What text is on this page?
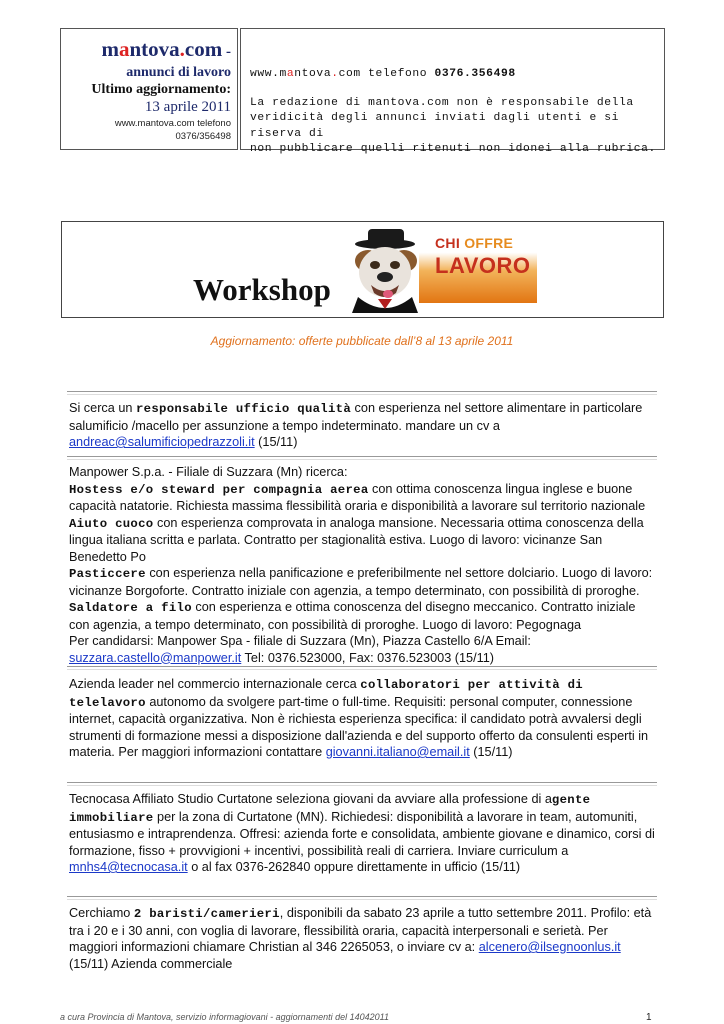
mantova.com -
annunci di lavoro
Ultimo aggiornamento:
13 aprile 2011
www.mantova.com telefono
0376/356498
www.mantova.com telefono 0376.356498
La redazione di mantova.com non è responsabile della
veridicità degli annunci inviati dagli utenti e si riserva di
non pubblicare quelli ritenuti non idonei alla rubrica.
Workshop
CHI OFFRE
LAVORO
Aggiornamento: offerte pubblicate dall’8 al 13 aprile 2011
Si cerca un responsabile ufficio qualità con esperienza nel settore alimentare in particolare salumificio /macello per assunzione a tempo indeterminato. mandare un cv a andreac@salumificiopedrazzoli.it (15/11)
Manpower S.p.a. - Filiale di Suzzara (Mn) ricerca:
Hostess e/o steward per compagnia aerea con ottima conoscenza lingua inglese e buone capacità natatorie. Richiesta massima flessibilità oraria e disponibilità a lavorare sul territorio nazionale
Aiuto cuoco con esperienza comprovata in analoga mansione. Necessaria ottima conoscenza della lingua italiana scritta e parlata. Contratto per stagionalità estiva. Luogo di lavoro: vicinanze San Benedetto Po
Pasticcere con esperienza nella panificazione e preferibilmente nel settore dolciario. Luogo di lavoro: vicinanze Borgoforte. Contratto iniziale con agenzia, a tempo determinato, con possibilità di proroghe.
Saldatore a filo con esperienza e ottima conoscenza del disegno meccanico. Contratto iniziale con agenzia, a tempo determinato, con possibilità di proroghe. Luogo di lavoro: Pegognaga
Per candidarsi: Manpower Spa - filiale di Suzzara (Mn), Piazza Castello 6/A Email: suzzara.castello@manpower.it Tel: 0376.523000, Fax: 0376.523003 (15/11)
Azienda leader nel commercio internazionale cerca collaboratori per attività di telelavoro autonomo da svolgere part-time o full-time. Requisiti: personal computer, connessione internet, capacità organizzativa. Non è richiesta esperienza specifica: il candidato potrà avvalersi degli strumenti di formazione messi a disposizione dall'azienda e del supporto offerto da consulenti esperti in materia. Per maggiori informazioni contattare giovanni.italiano@email.it (15/11)
Tecnocasa Affiliato Studio Curtatone seleziona giovani da avviare alla professione di agente immobiliare per la zona di Curtatone (MN). Richiedesi: disponibilità a lavorare in team, automuniti, entusiasmo e intraprendenza. Offresi: azienda forte e consolidata, ambiente giovane e dinamico, corsi di formazione, fisso + provvigioni + incentivi, possibilità reali di carriera. Inviare curriculum a mnhs4@tecnocasa.it o al fax 0376-262840 oppure direttamente in ufficio (15/11)
Cerchiamo 2 baristi/camerieri, disponibili da sabato 23 aprile a tutto settembre 2011. Profilo: età tra i 20 e i 30 anni, con voglia di lavorare, flessibilità oraria, capacità interpersonali e serietà. Per maggiori informazioni chiamare Christian al 346 2265053, o inviare cv a: alcenero@ilsegnoonlus.it (15/11) Azienda commerciale
a cura Provincia di Mantova, servizio informagiovani - aggiornamenti del 14042011	1
